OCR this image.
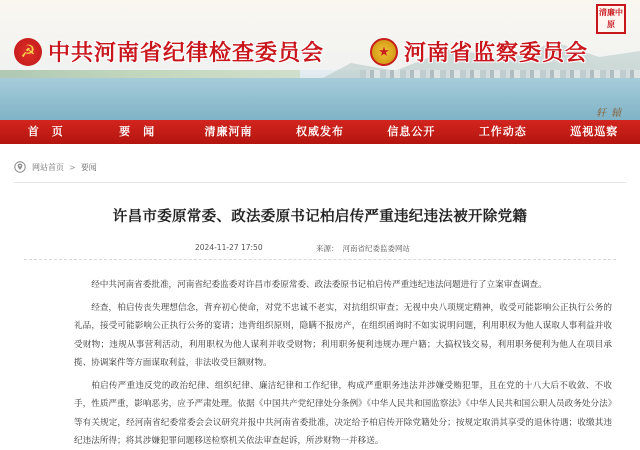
☭ 中共河南省纪律检查委员会	★ 河南省监察委员会
清廉中原
轩 辕
首　页	要　闻	清廉河南	权威发布	信息公开	工作动态	巡视巡察
网站首页 > 要闻
许昌市委原常委、政法委原书记柏启传严重违纪违法被开除党籍
2024-11-27 17:50	来源： 河南省纪委监委网站

经中共河南省委批准，河南省纪委监委对许昌市委原常委、政法委原书记柏启传严重违纪违法问题进行了立案审查调查。

经查，柏启传丧失理想信念，背弃初心使命，对党不忠诚不老实，对抗组织审查；无视中央八项规定精神，收受可能影响公正执行公务的礼品，接受可能影响公正执行公务的宴请；违背组织原则，隐瞒不报房产，在组织函询时不如实说明问题，利用职权为他人谋取人事利益并收受财物；违规从事营利活动，利用职权为他人谋利并收受财物；利用职务便利违规办理户籍；大搞权钱交易，利用职务便利为他人在项目承揽、协调案件等方面谋取利益，非法收受巨额财物。

柏启传严重违反党的政治纪律、组织纪律、廉洁纪律和工作纪律，构成严重职务违法并涉嫌受贿犯罪，且在党的十八大后不收敛、不收手，性质严重，影响恶劣，应予严肃处理。依据《中国共产党纪律处分条例》《中华人民共和国监察法》《中华人民共和国公职人员政务处分法》等有关规定，经河南省纪委常委会会议研究并报中共河南省委批准，决定给予柏启传开除党籍处分；按规定取消其享受的退休待遇；收缴其违纪违法所得；将其涉嫌犯罪问题移送检察机关依法审查起诉，所涉财物一并移送。
